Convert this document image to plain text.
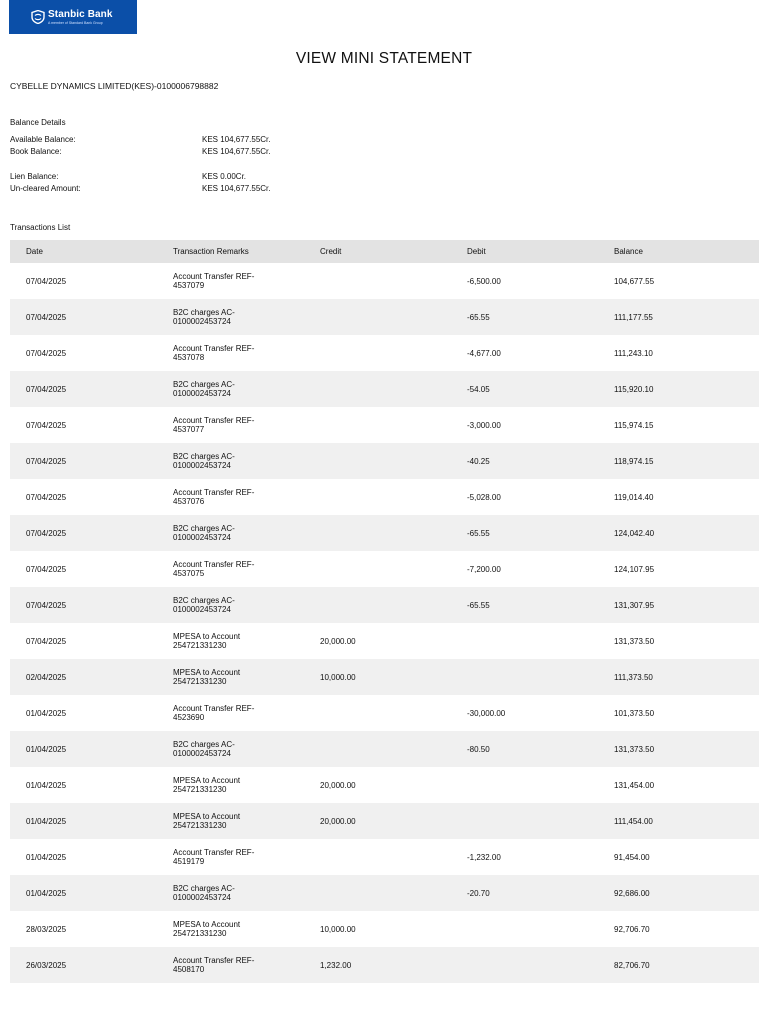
Stanbic Bank
A member of Standard Bank Group
VIEW MINI STATEMENT
CYBELLE DYNAMICS LIMITED(KES)-0100006798882
Balance Details
Available Balance:	KES 104,677.55Cr.
Book Balance:	KES 104,677.55Cr.
Lien Balance:	KES 0.00Cr.
Un-cleared Amount:	KES 104,677.55Cr.
Transactions List
Date	Transaction Remarks	Credit	Debit	Balance
07/04/2025	Account Transfer REF-4537079		-6,500.00	104,677.55
07/04/2025	B2C charges AC-0100002453724		-65.55	111,177.55
07/04/2025	Account Transfer REF-4537078		-4,677.00	111,243.10
07/04/2025	B2C charges AC-0100002453724		-54.05	115,920.10
07/04/2025	Account Transfer REF-4537077		-3,000.00	115,974.15
07/04/2025	B2C charges AC-0100002453724		-40.25	118,974.15
07/04/2025	Account Transfer REF-4537076		-5,028.00	119,014.40
07/04/2025	B2C charges AC-0100002453724		-65.55	124,042.40
07/04/2025	Account Transfer REF-4537075		-7,200.00	124,107.95
07/04/2025	B2C charges AC-0100002453724		-65.55	131,307.95
07/04/2025	MPESA to Account 254721331230	20,000.00		131,373.50
02/04/2025	MPESA to Account 254721331230	10,000.00		111,373.50
01/04/2025	Account Transfer REF-4523690		-30,000.00	101,373.50
01/04/2025	B2C charges AC-0100002453724		-80.50	131,373.50
01/04/2025	MPESA to Account 254721331230	20,000.00		131,454.00
01/04/2025	MPESA to Account 254721331230	20,000.00		111,454.00
01/04/2025	Account Transfer REF-4519179		-1,232.00	91,454.00
01/04/2025	B2C charges AC-0100002453724		-20.70	92,686.00
28/03/2025	MPESA to Account 254721331230	10,000.00		92,706.70
26/03/2025	Account Transfer REF-4508170	1,232.00		82,706.70
